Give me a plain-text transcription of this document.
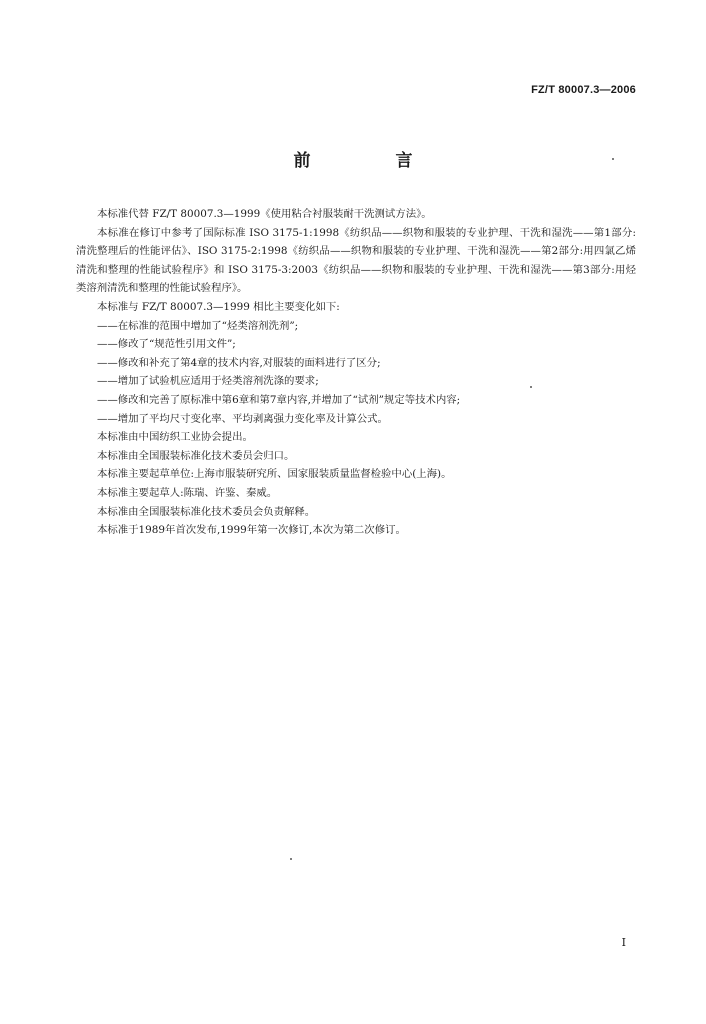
FZ/T 80007.3—2006
前　言

本标准代替 FZ/T 80007.3—1999《使用粘合衬服装耐干洗测试方法》。

本标准在修订中参考了国际标准 ISO 3175-1:1998《纺织品——织物和服装的专业护理、干洗和湿洗——第1部分:清洗整理后的性能评估》、ISO 3175-2:1998《纺织品——织物和服装的专业护理、干洗和湿洗——第2部分:用四氯乙烯清洗和整理的性能试验程序》和 ISO 3175-3:2003《纺织品——织物和服装的专业护理、干洗和湿洗——第3部分:用烃类溶剂清洗和整理的性能试验程序》。

本标准与 FZ/T 80007.3—1999 相比主要变化如下:

——在标准的范围中增加了“烃类溶剂洗剂”;

——修改了“规范性引用文件”;

——修改和补充了第4章的技术内容,对服装的面料进行了区分;

——增加了试验机应适用于烃类溶剂洗涤的要求;

——修改和完善了原标准中第6章和第7章内容,并增加了“试剂”规定等技术内容;

——增加了平均尺寸变化率、平均剥离强力变化率及计算公式。

本标准由中国纺织工业协会提出。

本标准由全国服装标准化技术委员会归口。

本标准主要起草单位:上海市服装研究所、国家服装质量监督检验中心(上海)。

本标准主要起草人:陈瑞、许鉴、秦威。

本标准由全国服装标准化技术委员会负责解释。

本标准于1989年首次发布,1999年第一次修订,本次为第二次修订。

I
